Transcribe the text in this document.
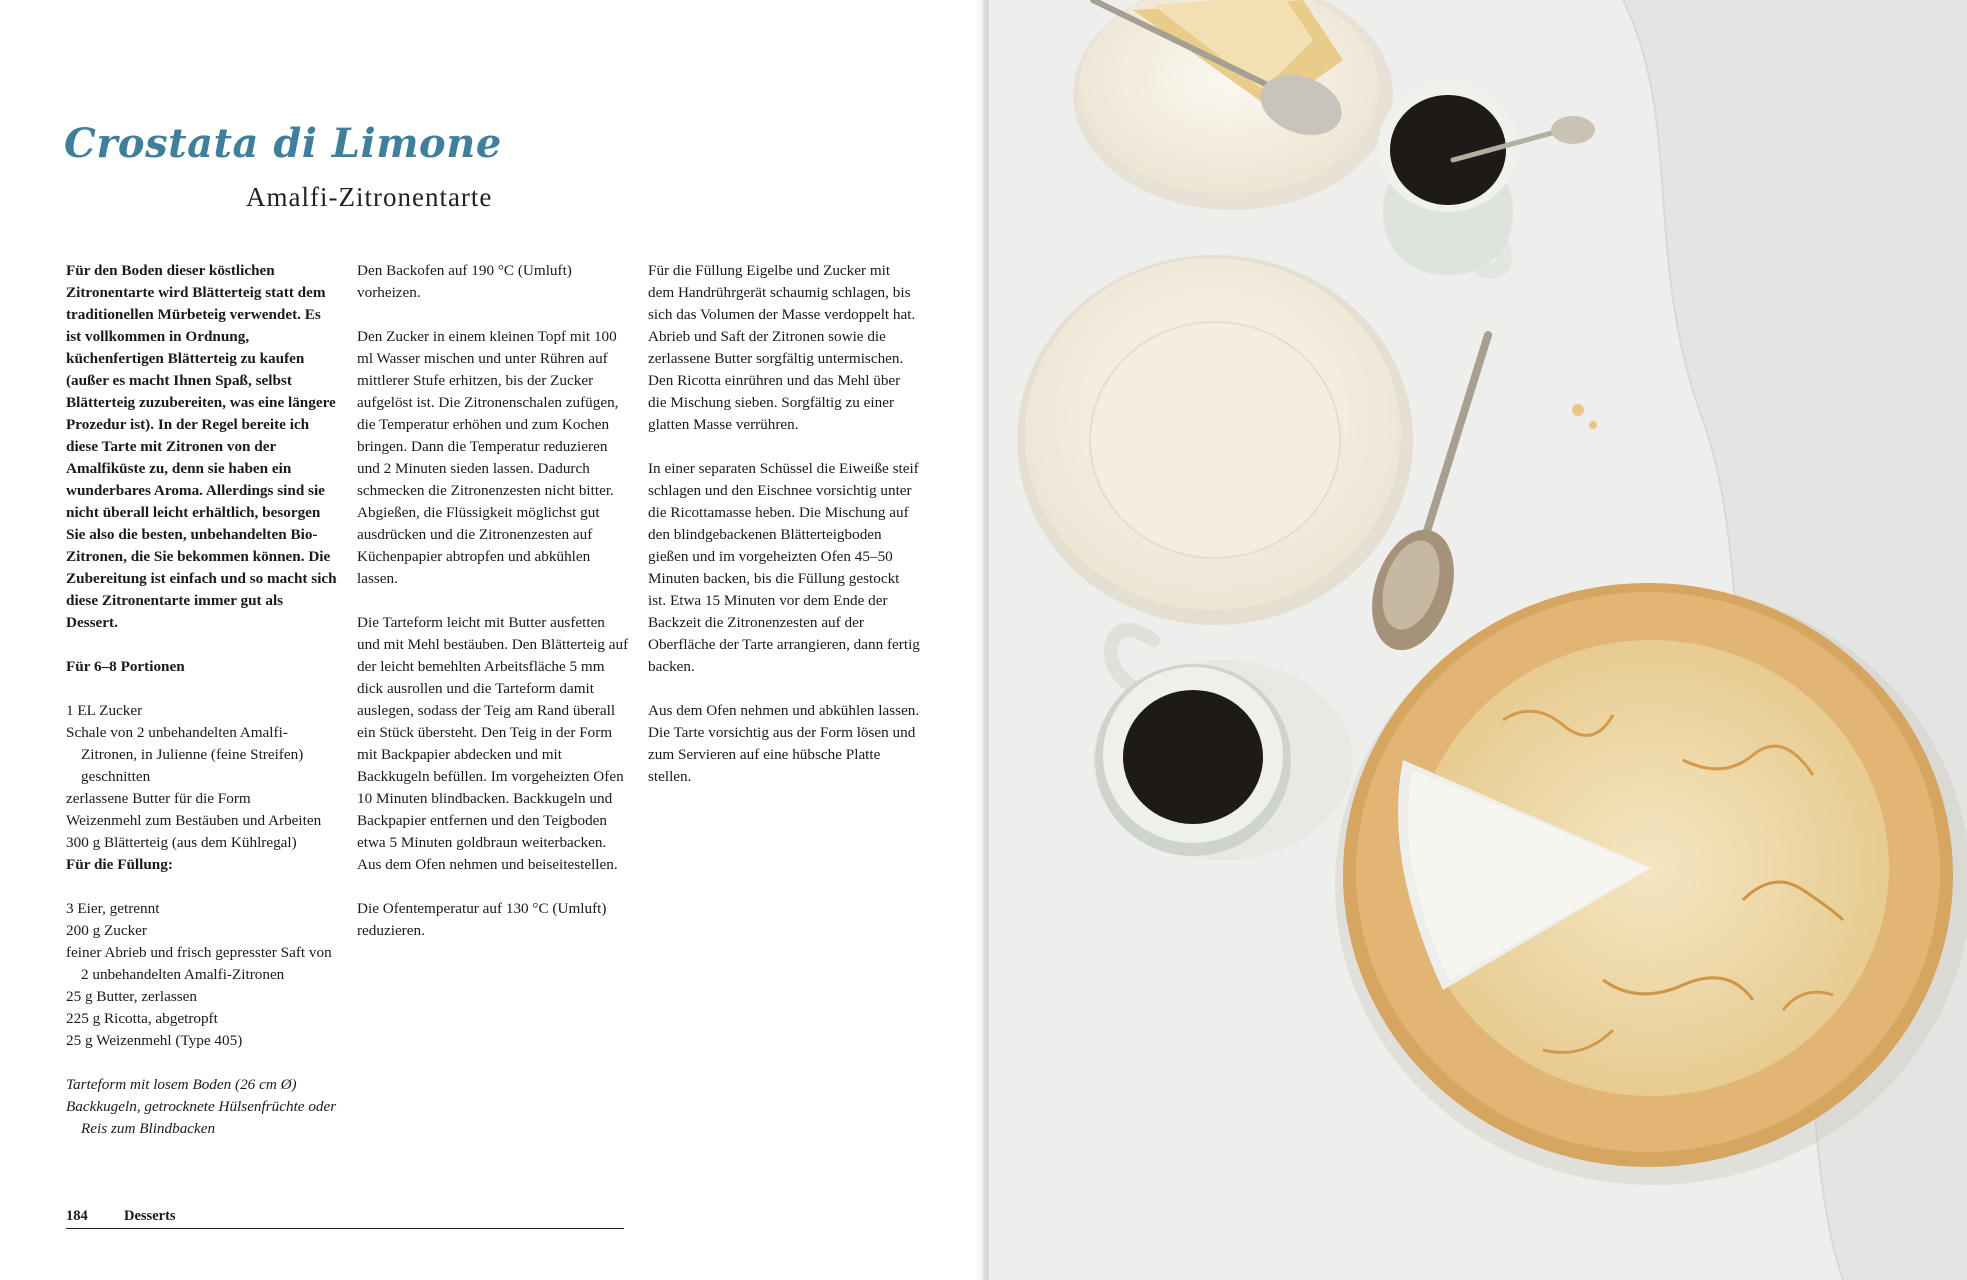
Crostata di Limone
Amalfi-Zitronentarte

Für den Boden dieser köstlichen Zitronentarte wird Blätterteig statt dem traditionellen Mürbeteig verwendet. Es ist vollkommen in Ordnung, küchenfertigen Blätterteig zu kaufen (außer es macht Ihnen Spaß, selbst Blätterteig zuzubereiten, was eine längere Prozedur ist). In der Regel bereite ich diese Tarte mit Zitronen von der Amalfiküste zu, denn sie haben ein wunderbares Aroma. Allerdings sind sie nicht überall leicht erhältlich, besorgen Sie also die besten, unbehandelten Bio-Zitronen, die Sie bekommen können. Die Zubereitung ist einfach und so macht sich diese Zitronentarte immer gut als Dessert.

Für 6–8 Portionen

1 EL Zucker
Schale von 2 unbehandelten Amalfi-Zitronen, in Julienne (feine Streifen) geschnitten
zerlassene Butter für die Form
Weizenmehl zum Bestäuben und Arbeiten
300 g Blätterteig (aus dem Kühlregal)

Für die Füllung:

3 Eier, getrennt
200 g Zucker
feiner Abrieb und frisch gepresster Saft von 2 unbehandelten Amalfi-Zitronen
25 g Butter, zerlassen
225 g Ricotta, abgetropft
25 g Weizenmehl (Type 405)

Tarteform mit losem Boden (26 cm Ø)
Backkugeln, getrocknete Hülsenfrüchte oder Reis zum Blindbacken

Den Backofen auf 190 °C (Umluft) vorheizen.

Den Zucker in einem kleinen Topf mit 100 ml Wasser mischen und unter Rühren auf mittlerer Stufe erhitzen, bis der Zucker aufgelöst ist. Die Zitronenschalen zufügen, die Temperatur erhöhen und zum Kochen bringen. Dann die Temperatur reduzieren und 2 Minuten sieden lassen. Dadurch schmecken die Zitronenzesten nicht bitter. Abgießen, die Flüssigkeit möglichst gut ausdrücken und die Zitronenzesten auf Küchenpapier abtropfen und abkühlen lassen.

Die Tarteform leicht mit Butter ausfetten und mit Mehl bestäuben. Den Blätterteig auf der leicht bemehlten Arbeitsfläche 5 mm dick ausrollen und die Tarteform damit auslegen, sodass der Teig am Rand überall ein Stück übersteht. Den Teig in der Form mit Backpapier abdecken und mit Backkugeln befüllen. Im vorgeheizten Ofen 10 Minuten blindbacken. Backkugeln und Backpapier entfernen und den Teigboden etwa 5 Minuten goldbraun weiterbacken. Aus dem Ofen nehmen und beiseitestellen.

Die Ofentemperatur auf 130 °C (Umluft) reduzieren.

Für die Füllung Eigelbe und Zucker mit dem Handrührgerät schaumig schlagen, bis sich das Volumen der Masse verdoppelt hat. Abrieb und Saft der Zitronen sowie die zerlassene Butter sorgfältig untermischen. Den Ricotta einrühren und das Mehl über die Mischung sieben. Sorgfältig zu einer glatten Masse verrühren.

In einer separaten Schüssel die Eiweiße steif schlagen und den Eischnee vorsichtig unter die Ricottamasse heben. Die Mischung auf den blindgebackenen Blätterteigboden gießen und im vorgeheizten Ofen 45–50 Minuten backen, bis die Füllung gestockt ist. Etwa 15 Minuten vor dem Ende der Backzeit die Zitronenzesten auf der Oberfläche der Tarte arrangieren, dann fertig backen.

Aus dem Ofen nehmen und abkühlen lassen. Die Tarte vorsichtig aus der Form lösen und zum Servieren auf eine hübsche Platte stellen.

184	Desserts
